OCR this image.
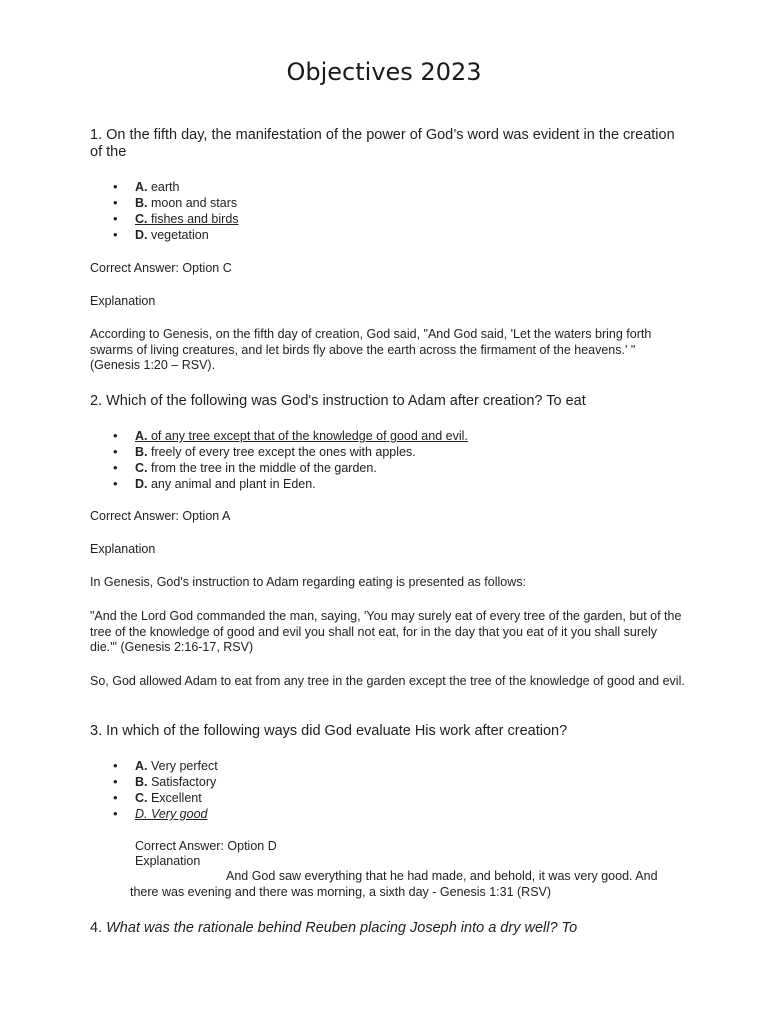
Objectives 2023

1. On the fifth day, the manifestation of the power of God’s word was evident in the creation of the

• A. earth
• B. moon and stars
• C. fishes and birds
• D. vegetation

Correct Answer: Option C

Explanation

According to Genesis, on the fifth day of creation, God said, "And God said, 'Let the waters bring forth swarms of living creatures, and let birds fly above the earth across the firmament of the heavens.' "(Genesis 1:20 – RSV).

2. Which of the following was God's instruction to Adam after creation? To eat

• A. of any tree except that of the knowledge of good and evil.
• B. freely of every tree except the ones with apples.
• C. from the tree in the middle of the garden.
• D. any animal and plant in Eden.

Correct Answer: Option A

Explanation

In Genesis, God's instruction to Adam regarding eating is presented as follows:

"And the Lord God commanded the man, saying, 'You may surely eat of every tree of the garden, but of the tree of the knowledge of good and evil you shall not eat, for in the day that you eat of it you shall surely die.'" (Genesis 2:16-17, RSV)

So, God allowed Adam to eat from any tree in the garden except the tree of the knowledge of good and evil.

3. In which of the following ways did God evaluate His work after creation?

• A. Very perfect
• B. Satisfactory
• C. Excellent
• D. Very good

Correct Answer: Option D

Explanation

And God saw everything that he had made, and behold, it was very good. And there was evening and there was morning, a sixth day - Genesis 1:31 (RSV)

4. What was the rationale behind Reuben placing Joseph into a dry well? To
